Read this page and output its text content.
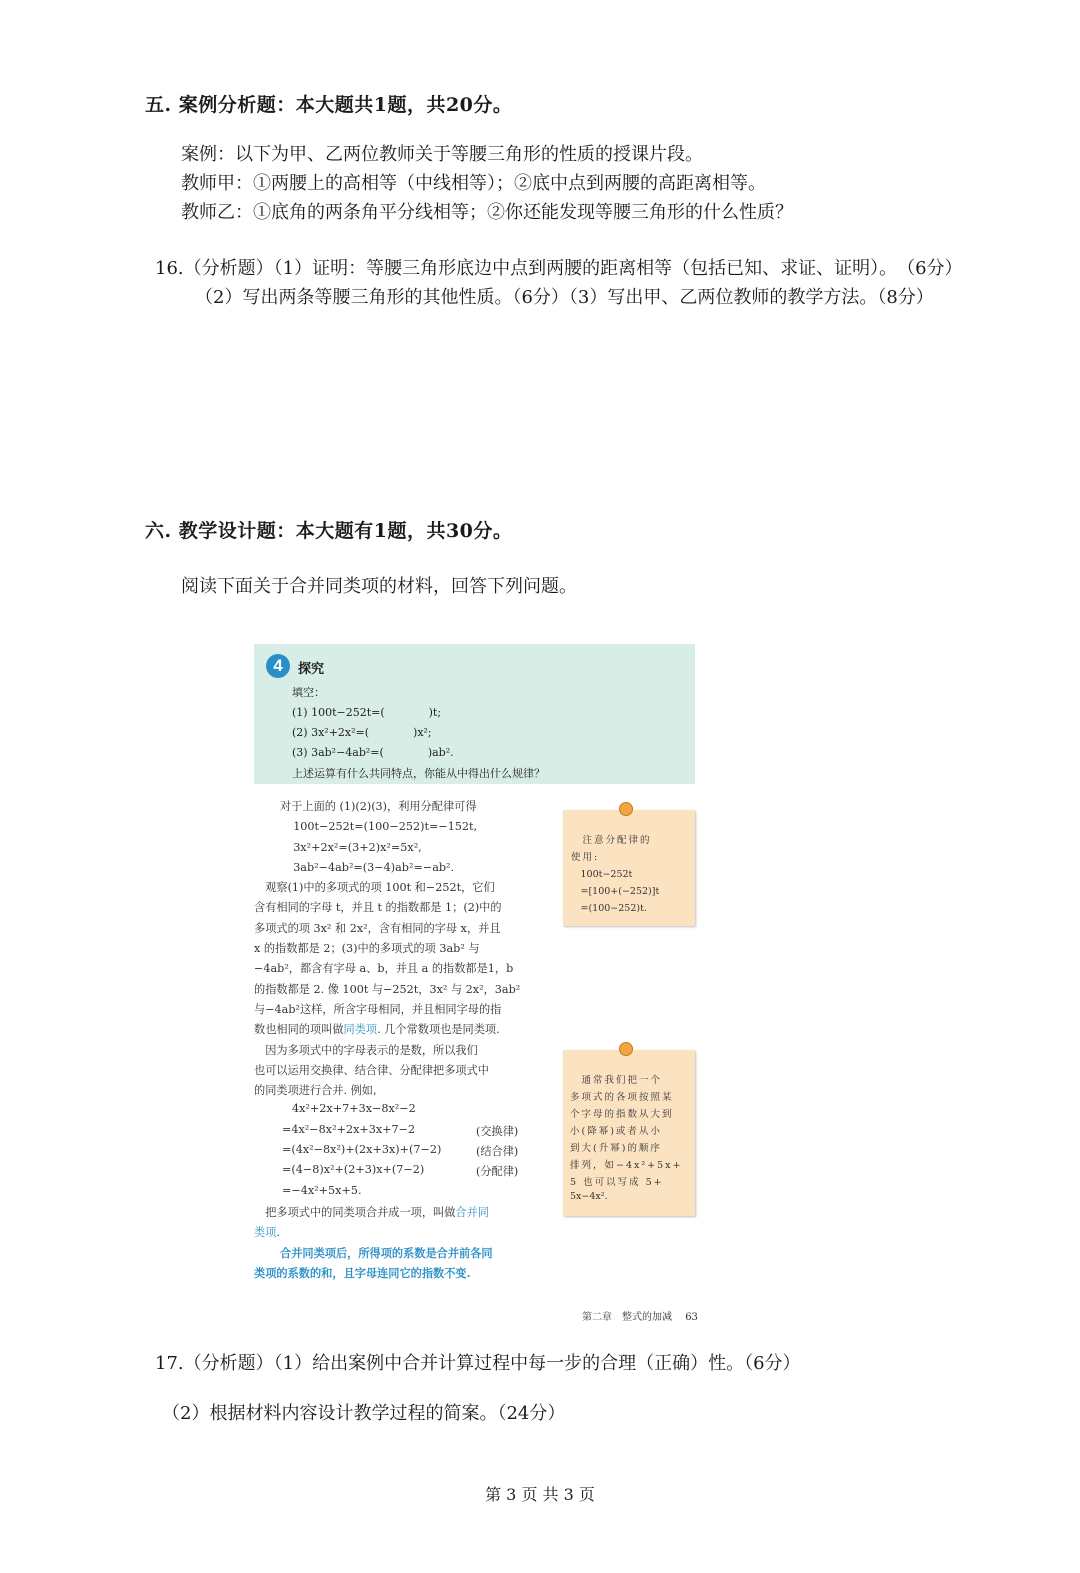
五. 案例分析题：本大题共1题，共20分。
案例：以下为甲、乙两位教师关于等腰三角形的性质的授课片段。
教师甲：①两腰上的高相等（中线相等）；②底中点到两腰的高距离相等。
教师乙：①底角的两条角平分线相等；②你还能发现等腰三角形的什么性质？
16.（分析题）（1）证明：等腰三角形底边中点到两腰的距离相等（包括已知、求证、证明）。　（6分）
（2）写出两条等腰三角形的其他性质。（6分）（3）写出甲、乙两位教师的教学方法。（8分）
六. 教学设计题：本大题有1题，共30分。
阅读下面关于合并同类项的材料，回答下列问题。
4	探究
填空：
(1) 100t−252t=(　　　　)t;
(2) 3x²+2x²=(　　　　)x²;
(3) 3ab²−4ab²=(　　　　)ab².
上述运算有什么共同特点，你能从中得出什么规律？
对于上面的 (1)(2)(3)，利用分配律可得
　100t−252t=(100−252)t=−152t,
　3x²+2x²=(3+2)x²=5x²,
　3ab²−4ab²=(3−4)ab²=−ab².
　观察(1)中的多项式的项 100t 和−252t，它们
含有相同的字母 t，并且 t 的指数都是 1；(2)中的
多项式的项 3x² 和 2x²，含有相同的字母 x，并且
x 的指数都是 2；(3)中的多项式的项 3ab² 与
−4ab²，都含有字母 a、b，并且 a 的指数都是1，b
的指数都是 2. 像 100t 与−252t，3x² 与 2x²，3ab²
与−4ab²这样，所含字母相同，并且相同字母的指
数也相同的项叫做同类项. 几个常数项也是同类项.
　因为多项式中的字母表示的是数，所以我们
也可以运用交换律、结合律、分配律把多项式中
的同类项进行合并. 例如,
4x²+2x+7+3x−8x²−2
=4x²−8x²+2x+3x+7−2	(交换律)
=(4x²−8x²)+(2x+3x)+(7−2)	(结合律)
=(4−8)x²+(2+3)x+(7−2)	(分配律)
=−4x²+5x+5.
　把多项式中的同类项合并成一项，叫做合并同
类项.
合并同类项后，所得项的系数是合并前各同
类项的系数的和，且字母连同它的指数不变.
　注意分配律的
使用:
　100t−252t
　=[100+(−252)]t
　=(100−252)t.
　通常我们把一个
多项式的各项按照某
个字母的指数从大到
小(降幂)或者从小
到大(升幂)的顺序
排列，如−4x²+5x+
5 也可以写成 5+
5x−4x².
第二章　整式的加减 63
17.（分析题）（1）给出案例中合并计算过程中每一步的合理（正确）性。（6分）
（2）根据材料内容设计教学过程的简案。（24分）
第 3 页 共 3 页
